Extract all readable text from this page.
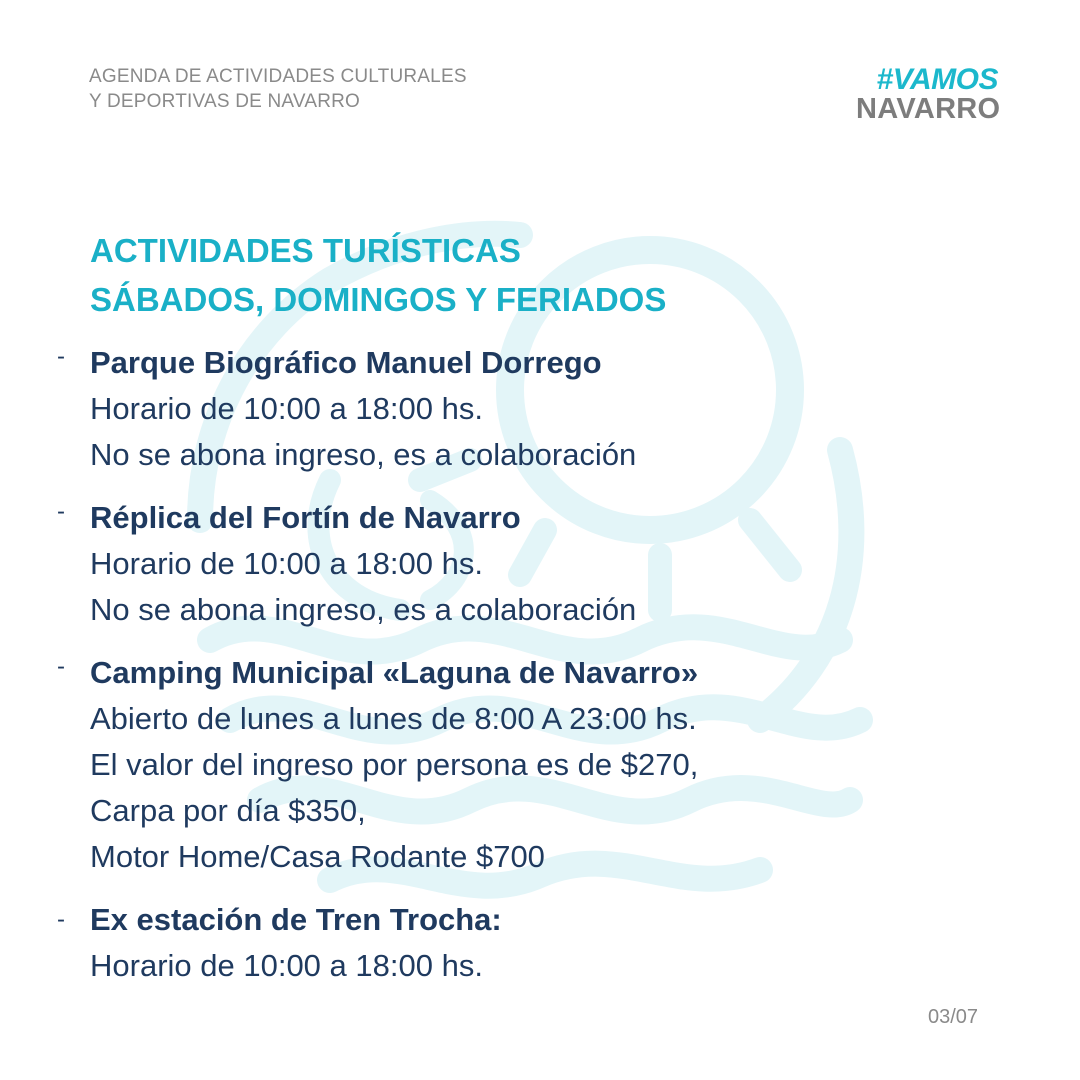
AGENDA DE ACTIVIDADES CULTURALES
Y DEPORTIVAS DE NAVARRO
#VAMOS
NAVARRO
ACTIVIDADES TURÍSTICAS
SÁBADOS, DOMINGOS Y FERIADOS
- Parque Biográfico Manuel Dorrego
Horario de 10:00 a 18:00 hs.
No se abona ingreso, es a colaboración
- Réplica del Fortín de Navarro
Horario de 10:00 a 18:00 hs.
No se abona ingreso, es a colaboración
- Camping Municipal «Laguna de Navarro»
Abierto de lunes a lunes de 8:00 A 23:00 hs.
El valor del ingreso por persona es de $270,
Carpa por día $350,
Motor Home/Casa Rodante $700
- Ex estación de Tren Trocha:
Horario de 10:00 a 18:00 hs.
03/07
